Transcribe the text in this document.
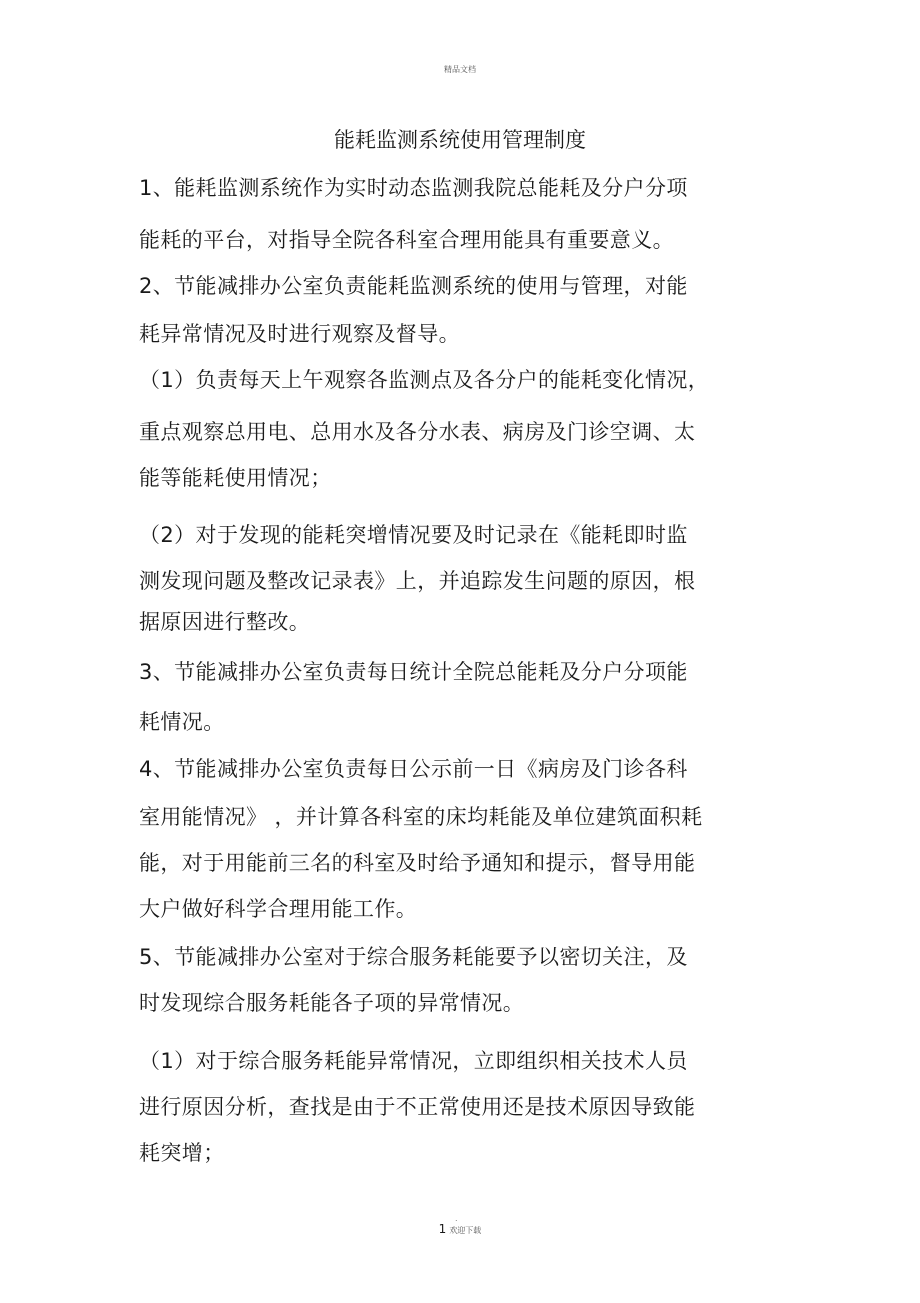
精品文档
能耗监测系统使用管理制度
1、能耗监测系统作为实时动态监测我院总能耗及分户分项
能耗的平台，对指导全院各科室合理用能具有重要意义。
2、节能减排办公室负责能耗监测系统的使用与管理，对能
耗异常情况及时进行观察及督导。
（1）负责每天上午观察各监测点及各分户的能耗变化情况，
重点观察总用电、总用水及各分水表、病房及门诊空调、太
能等能耗使用情况；
（2）对于发现的能耗突增情况要及时记录在《能耗即时监
测发现问题及整改记录表》上，并追踪发生问题的原因，根
据原因进行整改。
3、节能减排办公室负责每日统计全院总能耗及分户分项能
耗情况。
4、节能减排办公室负责每日公示前一日《病房及门诊各科
室用能情况》 ，并计算各科室的床均耗能及单位建筑面积耗
能，对于用能前三名的科室及时给予通知和提示，督导用能
大户做好科学合理用能工作。
5、节能减排办公室对于综合服务耗能要予以密切关注，及
时发现综合服务耗能各子项的异常情况。
（1）对于综合服务耗能异常情况，立即组织相关技术人员
进行原因分析，查找是由于不正常使用还是技术原因导致能
耗突增；
.
1 欢迎下载
